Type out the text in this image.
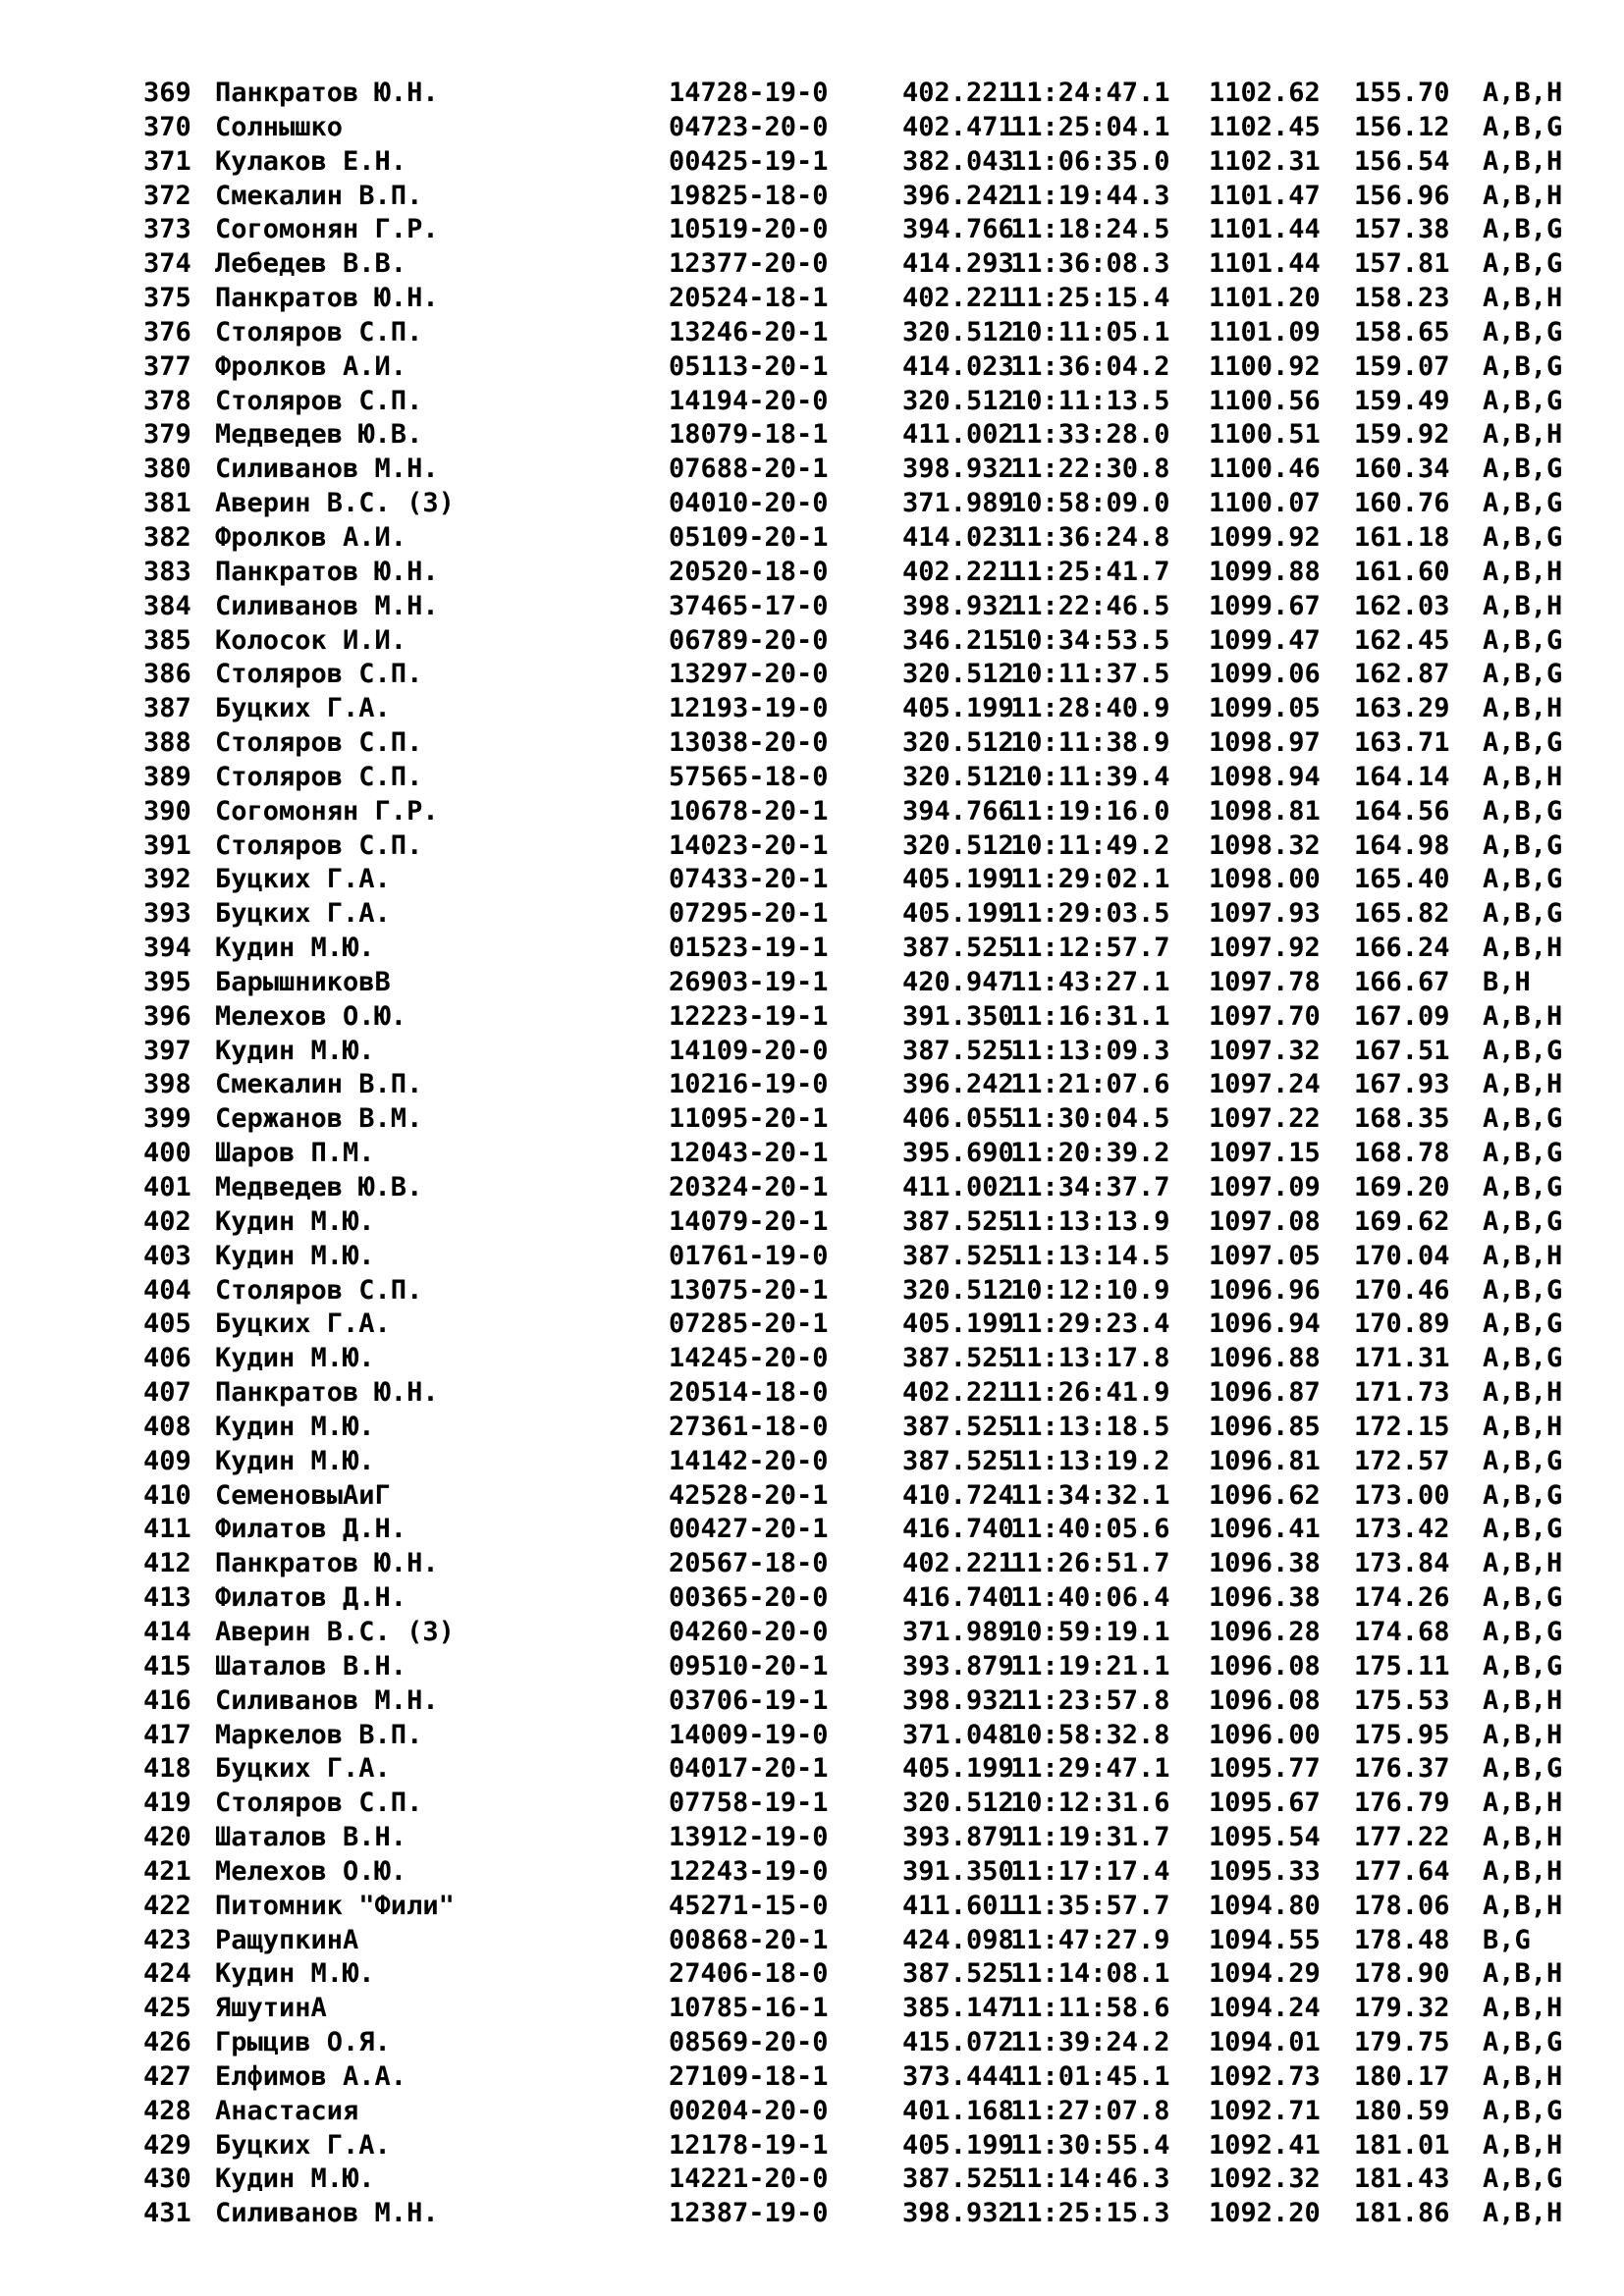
369 Панкратов Ю.Н.	14728-19-0	402.22111:24:47.1 1102.62 155.70 A,B,H
370 Солнышко	04723-20-0	402.47111:25:04.1 1102.45 156.12 A,B,G
371 Кулаков Е.Н.	00425-19-1	382.04311:06:35.0 1102.31 156.54 A,B,H
372 Смекалин В.П.	19825-18-0	396.24211:19:44.3 1101.47 156.96 A,B,H
373 Согомонян Г.Р.	10519-20-0	394.76611:18:24.5 1101.44 157.38 A,B,G
374 Лебедев В.В.	12377-20-0	414.29311:36:08.3 1101.44 157.81 A,B,G
375 Панкратов Ю.Н.	20524-18-1	402.22111:25:15.4 1101.20 158.23 A,B,H
376 Столяров С.П.	13246-20-1	320.51210:11:05.1 1101.09 158.65 A,B,G
377 Фролков А.И.	05113-20-1	414.02311:36:04.2 1100.92 159.07 A,B,G
378 Столяров С.П.	14194-20-0	320.51210:11:13.5 1100.56 159.49 A,B,G
379 Медведев Ю.В.	18079-18-1	411.00211:33:28.0 1100.51 159.92 A,B,H
380 Силиванов М.Н.	07688-20-1	398.93211:22:30.8 1100.46 160.34 A,B,G
381 Аверин В.С. (З)	04010-20-0	371.98910:58:09.0 1100.07 160.76 A,B,G
382 Фролков А.И.	05109-20-1	414.02311:36:24.8 1099.92 161.18 A,B,G
383 Панкратов Ю.Н.	20520-18-0	402.22111:25:41.7 1099.88 161.60 A,B,H
384 Силиванов М.Н.	37465-17-0	398.93211:22:46.5 1099.67 162.03 A,B,H
385 Колосок И.И.	06789-20-0	346.21510:34:53.5 1099.47 162.45 A,B,G
386 Столяров С.П.	13297-20-0	320.51210:11:37.5 1099.06 162.87 A,B,G
387 Буцких Г.А.	12193-19-0	405.19911:28:40.9 1099.05 163.29 A,B,H
388 Столяров С.П.	13038-20-0	320.51210:11:38.9 1098.97 163.71 A,B,G
389 Столяров С.П.	57565-18-0	320.51210:11:39.4 1098.94 164.14 A,B,H
390 Согомонян Г.Р.	10678-20-1	394.76611:19:16.0 1098.81 164.56 A,B,G
391 Столяров С.П.	14023-20-1	320.51210:11:49.2 1098.32 164.98 A,B,G
392 Буцких Г.А.	07433-20-1	405.19911:29:02.1 1098.00 165.40 A,B,G
393 Буцких Г.А.	07295-20-1	405.19911:29:03.5 1097.93 165.82 A,B,G
394 Кудин М.Ю.	01523-19-1	387.52511:12:57.7 1097.92 166.24 A,B,H
395 БарышниковВ	26903-19-1	420.94711:43:27.1 1097.78 166.67 B,H
396 Мелехов О.Ю.	12223-19-1	391.35011:16:31.1 1097.70 167.09 A,B,H
397 Кудин М.Ю.	14109-20-0	387.52511:13:09.3 1097.32 167.51 A,B,G
398 Смекалин В.П.	10216-19-0	396.24211:21:07.6 1097.24 167.93 A,B,H
399 Сержанов В.М.	11095-20-1	406.05511:30:04.5 1097.22 168.35 A,B,G
400 Шаров П.М.	12043-20-1	395.69011:20:39.2 1097.15 168.78 A,B,G
401 Медведев Ю.В.	20324-20-1	411.00211:34:37.7 1097.09 169.20 A,B,G
402 Кудин М.Ю.	14079-20-1	387.52511:13:13.9 1097.08 169.62 A,B,G
403 Кудин М.Ю.	01761-19-0	387.52511:13:14.5 1097.05 170.04 A,B,H
404 Столяров С.П.	13075-20-1	320.51210:12:10.9 1096.96 170.46 A,B,G
405 Буцких Г.А.	07285-20-1	405.19911:29:23.4 1096.94 170.89 A,B,G
406 Кудин М.Ю.	14245-20-0	387.52511:13:17.8 1096.88 171.31 A,B,G
407 Панкратов Ю.Н.	20514-18-0	402.22111:26:41.9 1096.87 171.73 A,B,H
408 Кудин М.Ю.	27361-18-0	387.52511:13:18.5 1096.85 172.15 A,B,H
409 Кудин М.Ю.	14142-20-0	387.52511:13:19.2 1096.81 172.57 A,B,G
410 СеменовыАиГ	42528-20-1	410.72411:34:32.1 1096.62 173.00 A,B,G
411 Филатов Д.Н.	00427-20-1	416.74011:40:05.6 1096.41 173.42 A,B,G
412 Панкратов Ю.Н.	20567-18-0	402.22111:26:51.7 1096.38 173.84 A,B,H
413 Филатов Д.Н.	00365-20-0	416.74011:40:06.4 1096.38 174.26 A,B,G
414 Аверин В.С. (З)	04260-20-0	371.98910:59:19.1 1096.28 174.68 A,B,G
415 Шаталов В.Н.	09510-20-1	393.87911:19:21.1 1096.08 175.11 A,B,G
416 Силиванов М.Н.	03706-19-1	398.93211:23:57.8 1096.08 175.53 A,B,H
417 Маркелов В.П.	14009-19-0	371.04810:58:32.8 1096.00 175.95 A,B,H
418 Буцких Г.А.	04017-20-1	405.19911:29:47.1 1095.77 176.37 A,B,G
419 Столяров С.П.	07758-19-1	320.51210:12:31.6 1095.67 176.79 A,B,H
420 Шаталов В.Н.	13912-19-0	393.87911:19:31.7 1095.54 177.22 A,B,H
421 Мелехов О.Ю.	12243-19-0	391.35011:17:17.4 1095.33 177.64 A,B,H
422 Питомник "Фили"	45271-15-0	411.60111:35:57.7 1094.80 178.06 A,B,H
423 РащупкинА	00868-20-1	424.09811:47:27.9 1094.55 178.48 B,G
424 Кудин М.Ю.	27406-18-0	387.52511:14:08.1 1094.29 178.90 A,B,H
425 ЯшутинА	10785-16-1	385.14711:11:58.6 1094.24 179.32 A,B,H
426 Грыцив О.Я.	08569-20-0	415.07211:39:24.2 1094.01 179.75 A,B,G
427 Елфимов А.А.	27109-18-1	373.44411:01:45.1 1092.73 180.17 A,B,H
428 Анастасия	00204-20-0	401.16811:27:07.8 1092.71 180.59 A,B,G
429 Буцких Г.А.	12178-19-1	405.19911:30:55.4 1092.41 181.01 A,B,H
430 Кудин М.Ю.	14221-20-0	387.52511:14:46.3 1092.32 181.43 A,B,G
431 Силиванов М.Н.	12387-19-0	398.93211:25:15.3 1092.20 181.86 A,B,H
